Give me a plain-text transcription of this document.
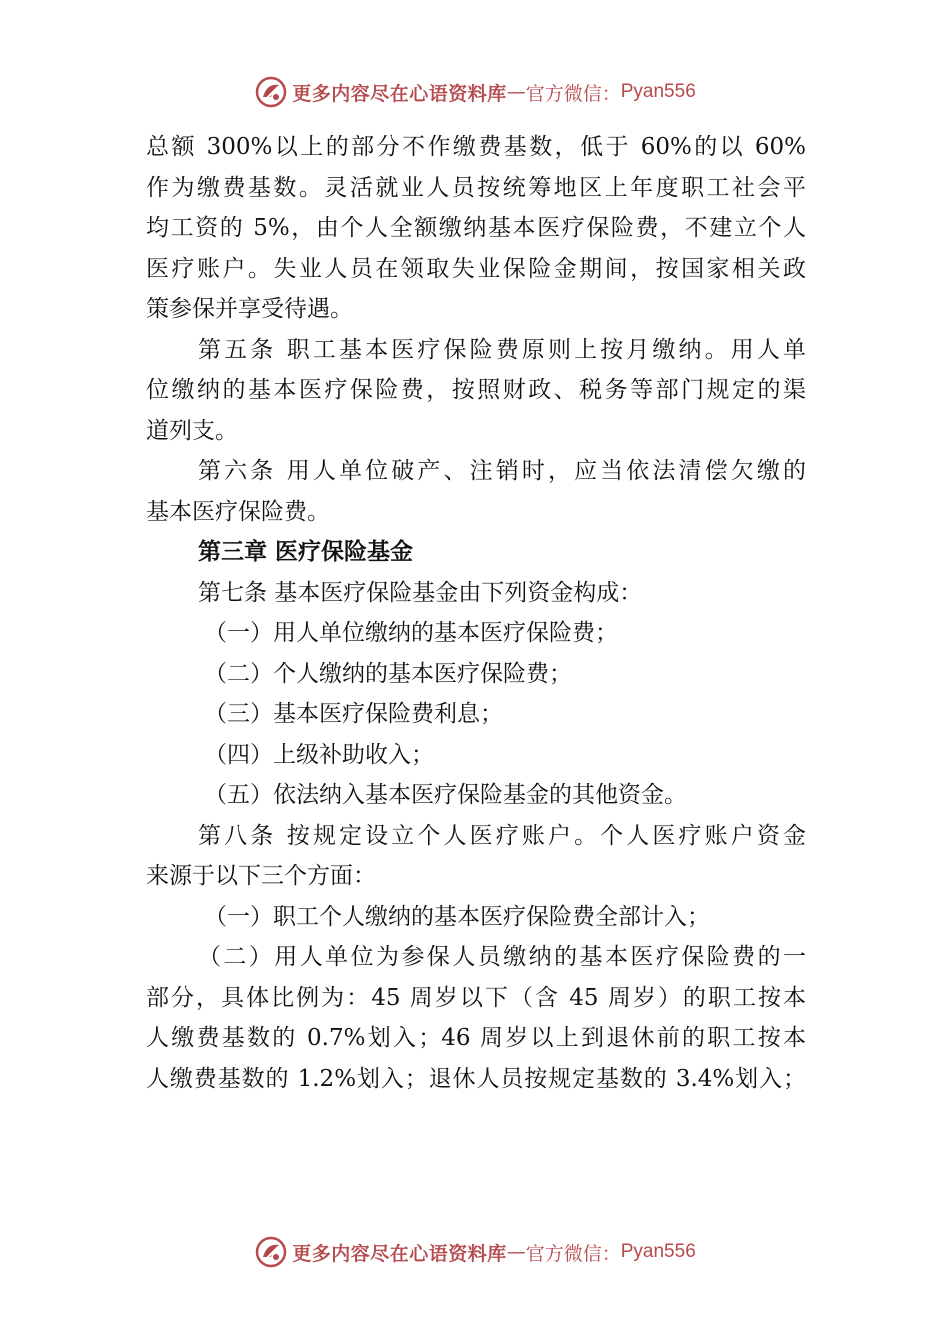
更多内容尽在心语资料库 — 官方微信： Pyan556
总额 300%以上的部分不作缴费基数，低于 60%的以 60%
作为缴费基数。灵活就业人员按统筹地区上年度职工社会平
均工资的 5%，由个人全额缴纳基本医疗保险费，不建立个人
医疗账户。失业人员在领取失业保险金期间，按国家相关政
策参保并享受待遇。
第五条 职工基本医疗保险费原则上按月缴纳。用人单
位缴纳的基本医疗保险费，按照财政、税务等部门规定的渠
道列支。
第六条 用人单位破产、注销时，应当依法清偿欠缴的
基本医疗保险费。
第三章 医疗保险基金
第七条 基本医疗保险基金由下列资金构成：
（一）用人单位缴纳的基本医疗保险费；
（二）个人缴纳的基本医疗保险费；
（三）基本医疗保险费利息；
（四）上级补助收入；
（五）依法纳入基本医疗保险基金的其他资金。
第八条 按规定设立个人医疗账户。个人医疗账户资金
来源于以下三个方面：
（一）职工个人缴纳的基本医疗保险费全部计入；
（二）用人单位为参保人员缴纳的基本医疗保险费的一
部分，具体比例为：45 周岁以下（含 45 周岁）的职工按本
人缴费基数的 0.7%划入；46 周岁以上到退休前的职工按本
人缴费基数的 1.2%划入；退休人员按规定基数的 3.4%划入；
更多内容尽在心语资料库 — 官方微信： Pyan556
